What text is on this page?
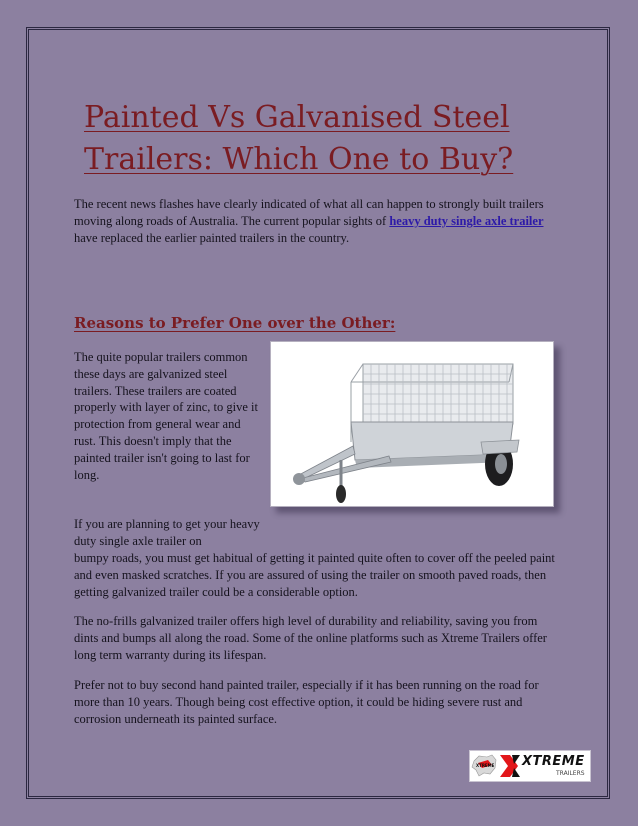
Painted Vs Galvanised Steel Trailers: Which One to Buy?

The recent news flashes have clearly indicated of what all can happen to strongly built trailers moving along roads of Australia. The current popular sights of heavy duty single axle trailer have replaced the earlier painted trailers in the country.

Reasons to Prefer One over the Other:

The quite popular trailers common these days are galvanized steel trailers. These trailers are coated properly with layer of zinc, to give it protection from general wear and rust. This doesn't imply that the painted trailer isn't going to last for long.

If you are planning to get your heavy duty single axle trailer on

bumpy roads, you must get habitual of getting it painted quite often to cover off the peeled paint and even masked scratches. If you are assured of using the trailer on smooth paved roads, then getting galvanized trailer could be a considerable option.

The no-frills galvanized trailer offers high level of durability and reliability, saving you from dints and bumps all along the road. Some of the online platforms such as Xtreme Trailers offer long term warranty during its lifespan.

Prefer not to buy second hand painted trailer, especially if it has been running on the road for more than 10 years. Though being cost effective option, it could be hiding severe rust and corrosion underneath its painted surface.

XTREME XTREME
TRAILERS
